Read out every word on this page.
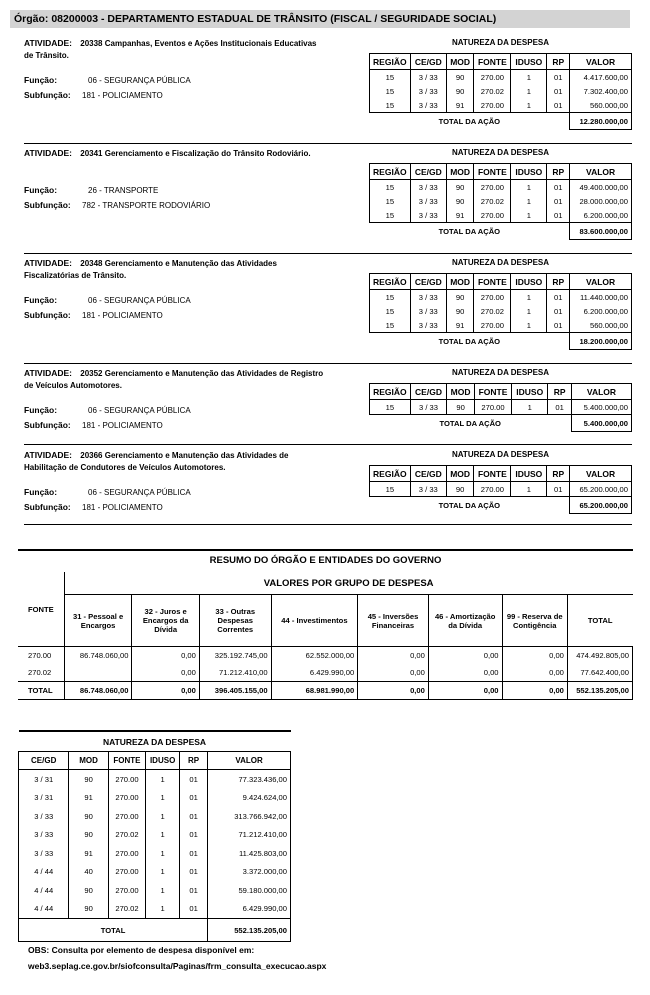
Órgão: 08200003 - DEPARTAMENTO ESTADUAL DE TRÂNSITO (FISCAL / SEGURIDADE SOCIAL)
ATIVIDADE: 20338 Campanhas, Eventos e Ações Institucionais Educativas de Trânsito.
Função:	06 - SEGURANÇA PÚBLICA
Subfunção:	181 - POLICIAMENTO
NATUREZA DA DESPESA
REGIÃO	CE/GD	MOD	FONTE	IDUSO	RP	VALOR
15	3 / 33	90	270.00	1	01	4.417.600,00
15	3 / 33	90	270.02	1	01	7.302.400,00
15	3 / 33	91	270.00	1	01	560.000,00
TOTAL DA AÇÃO						12.280.000,00
ATIVIDADE: 20341 Gerenciamento e Fiscalização do Trânsito Rodoviário.
Função:	26 - TRANSPORTE
Subfunção:	782 - TRANSPORTE RODOVIÁRIO
NATUREZA DA DESPESA
REGIÃO	CE/GD	MOD	FONTE	IDUSO	RP	VALOR
15	3 / 33	90	270.00	1	01	49.400.000,00
15	3 / 33	90	270.02	1	01	28.000.000,00
15	3 / 33	91	270.00	1	01	6.200.000,00
TOTAL DA AÇÃO						83.600.000,00
ATIVIDADE: 20348 Gerenciamento e Manutenção das Atividades Fiscalizatórias de Trânsito.
Função:	06 - SEGURANÇA PÚBLICA
Subfunção:	181 - POLICIAMENTO
NATUREZA DA DESPESA
REGIÃO	CE/GD	MOD	FONTE	IDUSO	RP	VALOR
15	3 / 33	90	270.00	1	01	11.440.000,00
15	3 / 33	90	270.02	1	01	6.200.000,00
15	3 / 33	91	270.00	1	01	560.000,00
TOTAL DA AÇÃO						18.200.000,00
ATIVIDADE: 20352 Gerenciamento e Manutenção das Atividades de Registro de Veículos Automotores.
Função:	06 - SEGURANÇA PÚBLICA
Subfunção:	181 - POLICIAMENTO
NATUREZA DA DESPESA
REGIÃO	CE/GD	MOD	FONTE	IDUSO	RP	VALOR
15	3 / 33	90	270.00	1	01	5.400.000,00
TOTAL DA AÇÃO						5.400.000,00
ATIVIDADE: 20366 Gerenciamento e Manutenção das Atividades de Habilitação de Condutores de Veículos Automotores.
Função:	06 - SEGURANÇA PÚBLICA
Subfunção:	181 - POLICIAMENTO
NATUREZA DA DESPESA
REGIÃO	CE/GD	MOD	FONTE	IDUSO	RP	VALOR
15	3 / 33	90	270.00	1	01	65.200.000,00
TOTAL DA AÇÃO						65.200.000,00
RESUMO DO ÓRGÃO E ENTIDADES DO GOVERNO
FONTE	VALORES POR GRUPO DE DESPESA							
	31 - Pessoal e Encargos	32 - Juros e Encargos da Dívida	33 - Outras Despesas Correntes	44 - Investimentos	45 - Inversões Financeiras	46 - Amortização da Dívida	99 - Reserva de Contigência	TOTAL
270.00	86.748.060,00	0,00	325.192.745,00	62.552.000,00	0,00	0,00	0,00	474.492.805,00
270.02		0,00	71.212.410,00	6.429.990,00	0,00	0,00	0,00	77.642.400,00
TOTAL	86.748.060,00	0,00	396.405.155,00	68.981.990,00	0,00	0,00	0,00	552.135.205,00
NATUREZA DA DESPESA					
CE/GD	MOD	FONTE	IDUSO	RP	VALOR
3 / 31	90	270.00	1	01	77.323.436,00
3 / 31	91	270.00	1	01	9.424.624,00
3 / 33	90	270.00	1	01	313.766.942,00
3 / 33	90	270.02	1	01	71.212.410,00
3 / 33	91	270.00	1	01	11.425.803,00
4 / 44	40	270.00	1	01	3.372.000,00
4 / 44	90	270.00	1	01	59.180.000,00
4 / 44	90	270.02	1	01	6.429.990,00
TOTAL					552.135.205,00
OBS: Consulta por elemento de despesa disponível em:
web3.seplag.ce.gov.br/siofconsulta/Paginas/frm_consulta_execucao.aspx
